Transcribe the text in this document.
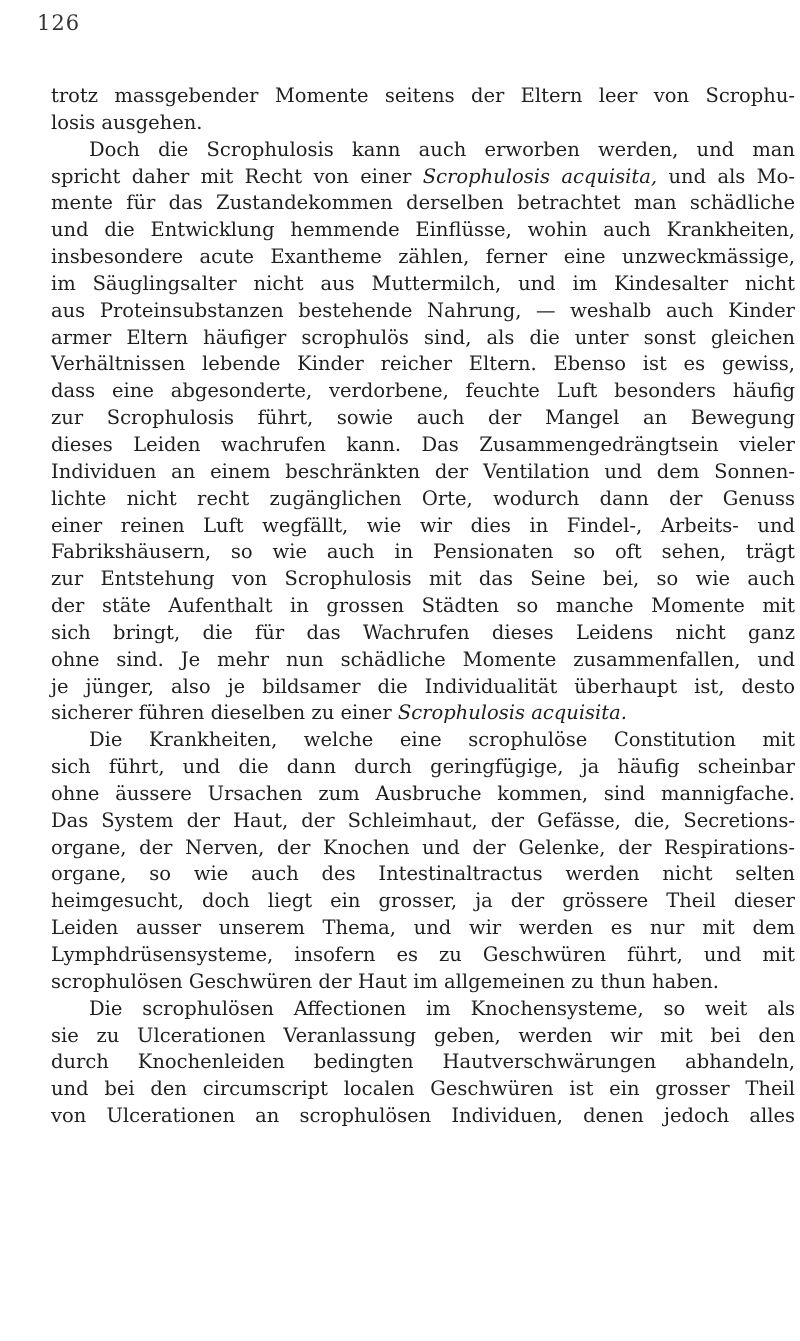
126
trotz massgebender Momente seitens der Eltern leer von Scrophu-
losis ausgehen.
Doch die Scrophulosis kann auch erworben werden, und man
spricht daher mit Recht von einer Scrophulosis acquisita, und als Mo-
mente für das Zustandekommen derselben betrachtet man schädliche
und die Entwicklung hemmende Einflüsse, wohin auch Krankheiten,
insbesondere acute Exantheme zählen, ferner eine unzweckmässige,
im Säuglingsalter nicht aus Muttermilch, und im Kindesalter nicht
aus Proteinsubstanzen bestehende Nahrung, — weshalb auch Kinder
armer Eltern häufiger scrophulös sind, als die unter sonst gleichen
Verhältnissen lebende Kinder reicher Eltern. Ebenso ist es gewiss,
dass eine abgesonderte, verdorbene, feuchte Luft besonders häufig
zur Scrophulosis führt, sowie auch der Mangel an Bewegung
dieses Leiden wachrufen kann. Das Zusammengedrängtsein vieler
Individuen an einem beschränkten der Ventilation und dem Sonnen-
lichte nicht recht zugänglichen Orte, wodurch dann der Genuss
einer reinen Luft wegfällt, wie wir dies in Findel-, Arbeits- und
Fabrikshäusern, so wie auch in Pensionaten so oft sehen, trägt
zur Entstehung von Scrophulosis mit das Seine bei, so wie auch
der stäte Aufenthalt in grossen Städten so manche Momente mit
sich bringt, die für das Wachrufen dieses Leidens nicht ganz
ohne sind. Je mehr nun schädliche Momente zusammenfallen, und
je jünger, also je bildsamer die Individualität überhaupt ist, desto
sicherer führen dieselben zu einer Scrophulosis acquisita.
Die Krankheiten, welche eine scrophulöse Constitution mit
sich führt, und die dann durch geringfügige, ja häufig scheinbar
ohne äussere Ursachen zum Ausbruche kommen, sind mannigfache.
Das System der Haut, der Schleimhaut, der Gefässe, die, Secretions-
organe, der Nerven, der Knochen und der Gelenke, der Respirations-
organe, so wie auch des Intestinaltractus werden nicht selten
heimgesucht, doch liegt ein grosser, ja der grössere Theil dieser
Leiden ausser unserem Thema, und wir werden es nur mit dem
Lymphdrüsensysteme, insofern es zu Geschwüren führt, und mit
scrophulösen Geschwüren der Haut im allgemeinen zu thun haben.
Die scrophulösen Affectionen im Knochensysteme, so weit als
sie zu Ulcerationen Veranlassung geben, werden wir mit bei den
durch Knochenleiden bedingten Hautverschwärungen abhandeln,
und bei den circumscript localen Geschwüren ist ein grosser Theil
von Ulcerationen an scrophulösen Individuen, denen jedoch alles
